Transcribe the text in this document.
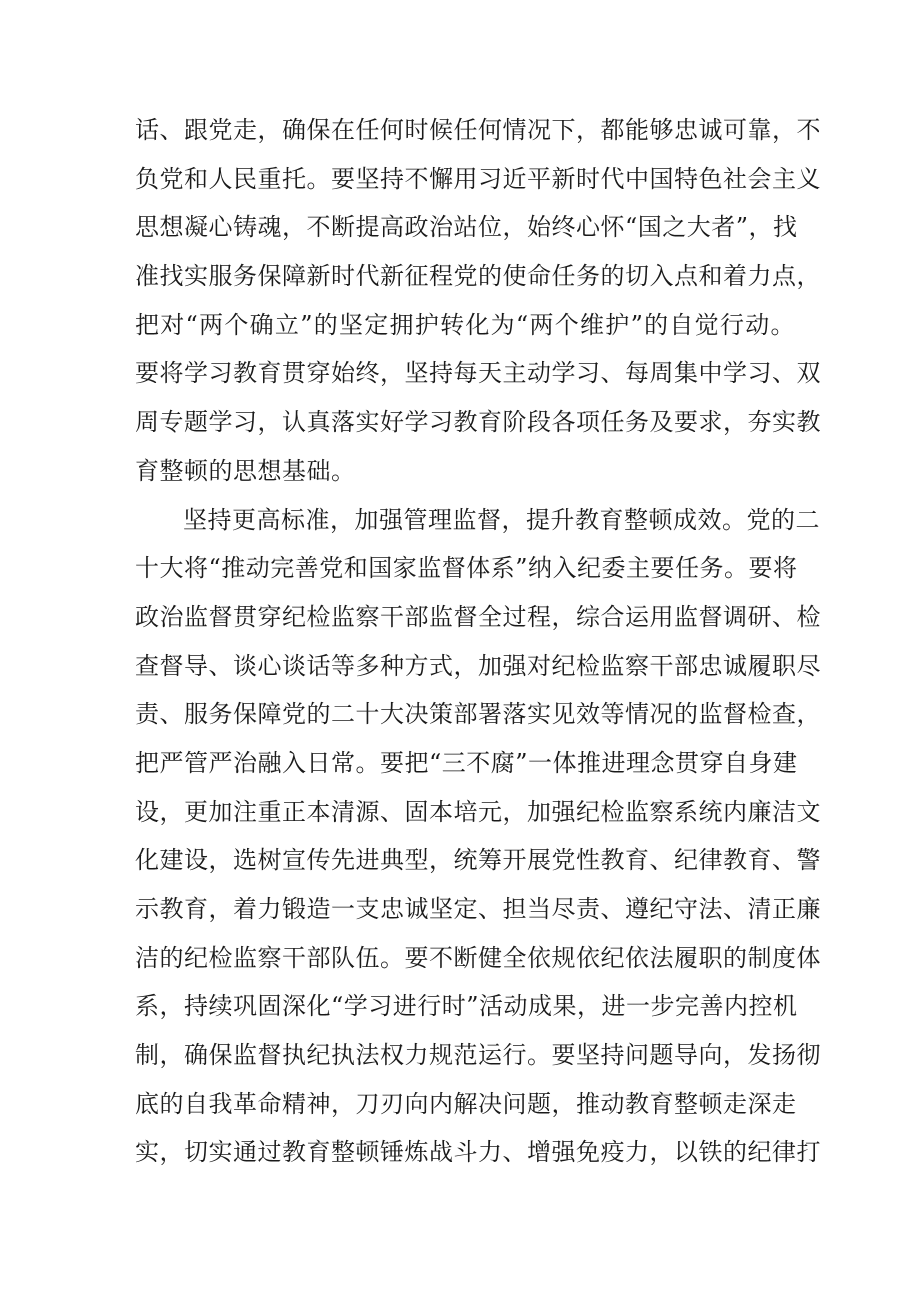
话、跟党走，确保在任何时候任何情况下，都能够忠诚可靠，不
负党和人民重托。要坚持不懈用习近平新时代中国特色社会主义
思想凝心铸魂，不断提高政治站位，始终心怀“国之大者”，找
准找实服务保障新时代新征程党的使命任务的切入点和着力点，
把对“两个确立”的坚定拥护转化为“两个维护”的自觉行动。
要将学习教育贯穿始终，坚持每天主动学习、每周集中学习、双
周专题学习，认真落实好学习教育阶段各项任务及要求，夯实教
育整顿的思想基础。
坚持更高标准，加强管理监督，提升教育整顿成效。党的二
十大将“推动完善党和国家监督体系”纳入纪委主要任务。要将
政治监督贯穿纪检监察干部监督全过程，综合运用监督调研、检
查督导、谈心谈话等多种方式，加强对纪检监察干部忠诚履职尽
责、服务保障党的二十大决策部署落实见效等情况的监督检查，
把严管严治融入日常。要把“三不腐”一体推进理念贯穿自身建
设，更加注重正本清源、固本培元，加强纪检监察系统内廉洁文
化建设，选树宣传先进典型，统筹开展党性教育、纪律教育、警
示教育，着力锻造一支忠诚坚定、担当尽责、遵纪守法、清正廉
洁的纪检监察干部队伍。要不断健全依规依纪依法履职的制度体
系，持续巩固深化“学习进行时”活动成果，进一步完善内控机
制，确保监督执纪执法权力规范运行。要坚持问题导向，发扬彻
底的自我革命精神，刀刃向内解决问题，推动教育整顿走深走
实，切实通过教育整顿锤炼战斗力、增强免疫力，以铁的纪律打
